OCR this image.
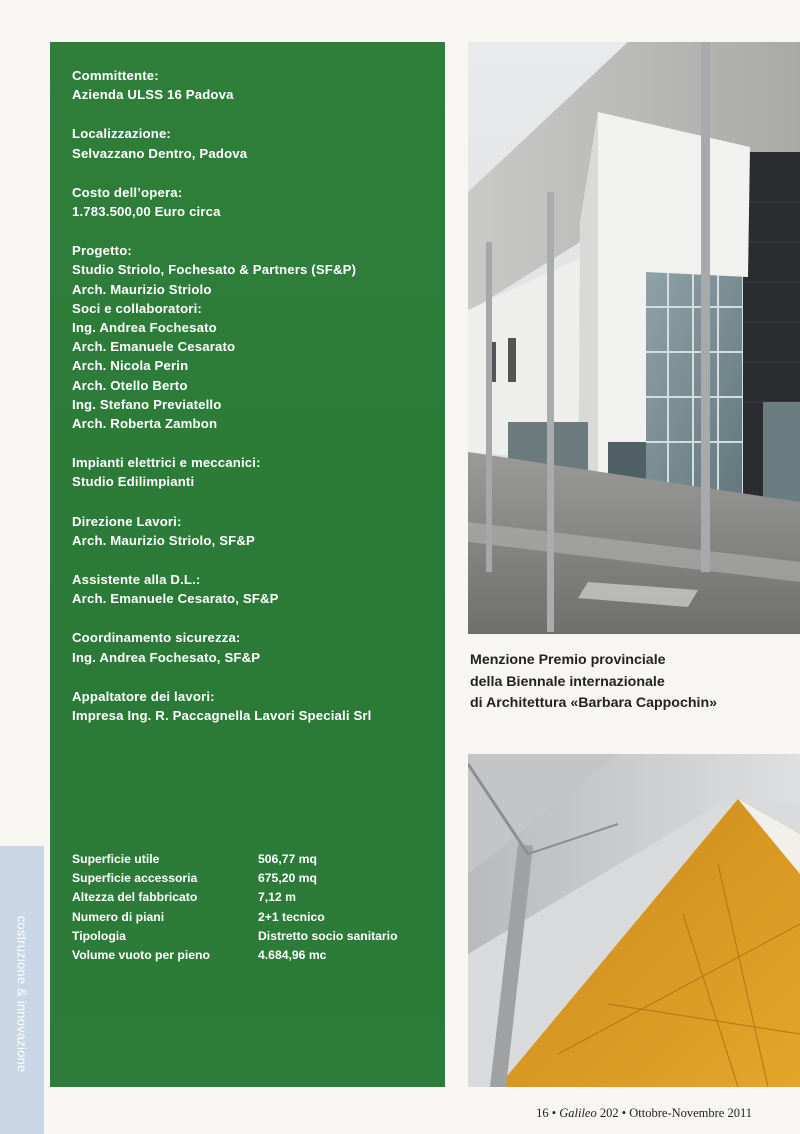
Committente:

Azienda ULSS 16 Padova

Localizzazione:

Selvazzano Dentro, Padova

Costo dell’opera:

1.783.500,00 Euro circa

Progetto:

Studio Striolo, Fochesato & Partners (SF&P)

Arch. Maurizio Striolo

Soci e collaboratori:

Ing. Andrea Fochesato

Arch. Emanuele Cesarato

Arch. Nicola Perin

Arch. Otello Berto

Ing. Stefano Previatello

Arch. Roberta Zambon

Impianti elettrici e meccanici:

Studio Edilimpianti

Direzione Lavori:

Arch. Maurizio Striolo, SF&P

Assistente alla D.L.:

Arch. Emanuele Cesarato, SF&P

Coordinamento sicurezza:

Ing. Andrea Fochesato, SF&P

Appaltatore dei lavori:

Impresa Ing. R. Paccagnella Lavori Speciali Srl

Superficie utile	506,77 mq
Superficie accessoria	675,20 mq
Altezza del fabbricato	7,12 m
Numero di piani	2+1 tecnico
Tipologia	Distretto socio sanitario
Volume vuoto per pieno	4.684,96 mc
costruzione & innovazione

Menzione Premio provinciale

della Biennale internazionale

di Architettura «Barbara Cappochin»

16 • Galileo 202 • Ottobre-Novembre 2011
